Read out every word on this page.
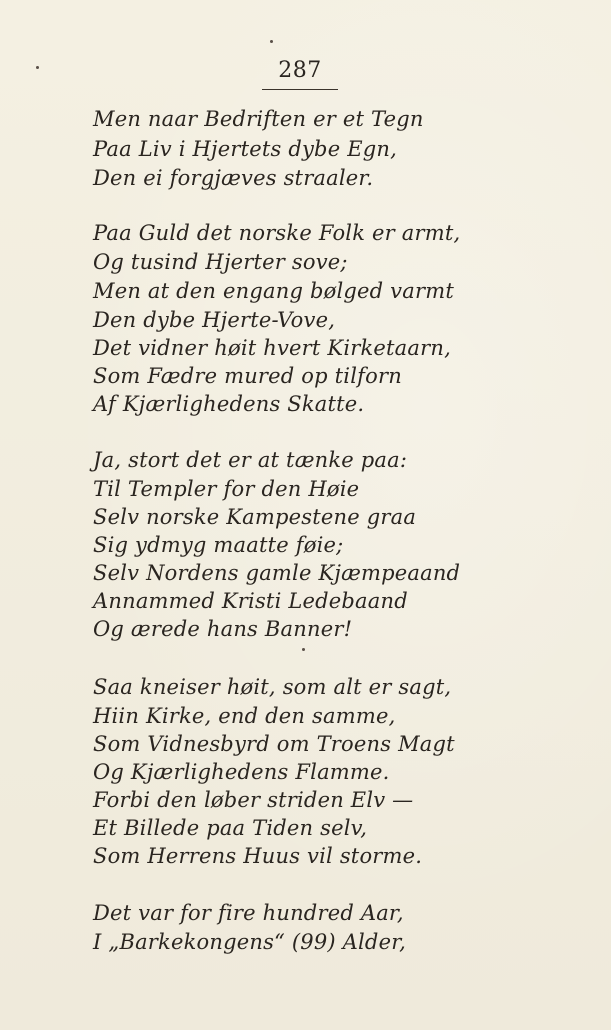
287
Men naar Bedriften er et Tegn
Paa Liv i Hjertets dybe Egn,
Den ei forgjæves straaler.
Paa Guld det norske Folk er armt,
Og tusind Hjerter sove;
Men at den engang bølged varmt
Den dybe Hjerte-Vove,
Det vidner høit hvert Kirketaarn,
Som Fædre mured op tilforn
Af Kjærlighedens Skatte.
Ja, stort det er at tænke paa:
Til Templer for den Høie
Selv norske Kampestene graa
Sig ydmyg maatte føie;
Selv Nordens gamle Kjæmpeaand
Annammed Kristi Ledebaand
Og ærede hans Banner!
Saa kneiser høit, som alt er sagt,
Hiin Kirke, end den samme,
Som Vidnesbyrd om Troens Magt
Og Kjærlighedens Flamme.
Forbi den løber striden Elv —
Et Billede paa Tiden selv,
Som Herrens Huus vil storme.
Det var for fire hundred Aar,
I „Barkekongens“ (99) Alder,
